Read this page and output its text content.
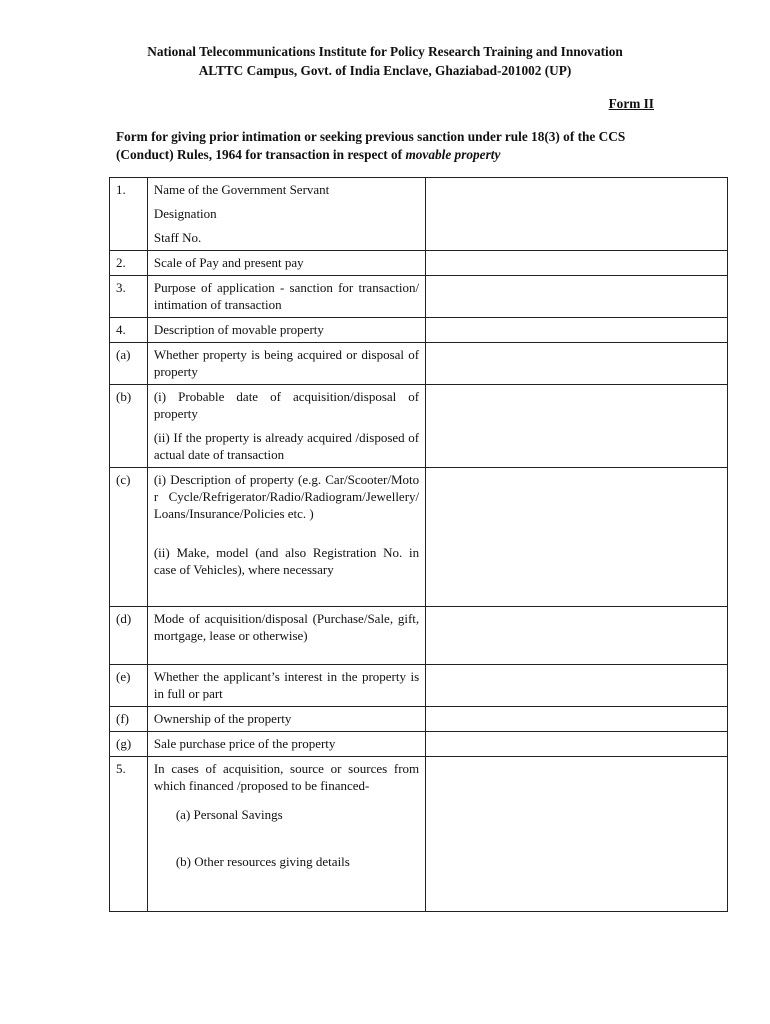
National Telecommunications Institute for Policy Research Training and Innovation
ALTTC Campus, Govt. of India Enclave, Ghaziabad-201002 (UP)
Form II
Form for giving prior intimation or seeking previous sanction under rule 18(3) of the CCS (Conduct) Rules, 1964 for transaction in respect of movable property
1.	Name of the Government Servant
Designation
Staff No.	

2.	Scale of Pay and present pay	
3.	Purpose of application - sanction for transaction/ intimation of transaction	
4.	Description of movable property	
(a)	Whether property is being acquired or disposal of property	
(b)	(i) Probable date of acquisition/disposal of property
(ii) If the property is already acquired /disposed of actual date of transaction	

(c)	(i) Description of property (e.g. Car/Scooter/Motor Cycle/Refrigerator/Radio/Radiogram/Jewellery/Loans/Insurance/Policies etc. )
(ii) Make, model (and also Registration No. in case of Vehicles), where necessary	

(d)	Mode of acquisition/disposal (Purchase/Sale, gift, mortgage, lease or otherwise)	
(e)	Whether the applicant’s interest in the property is in full or part	
(f)	Ownership of the property	
(g)	Sale purchase price of the property	
5.	In cases of acquisition, source or sources from which financed /proposed to be financed-
(a) Personal Savings
(b) Other resources giving details	
